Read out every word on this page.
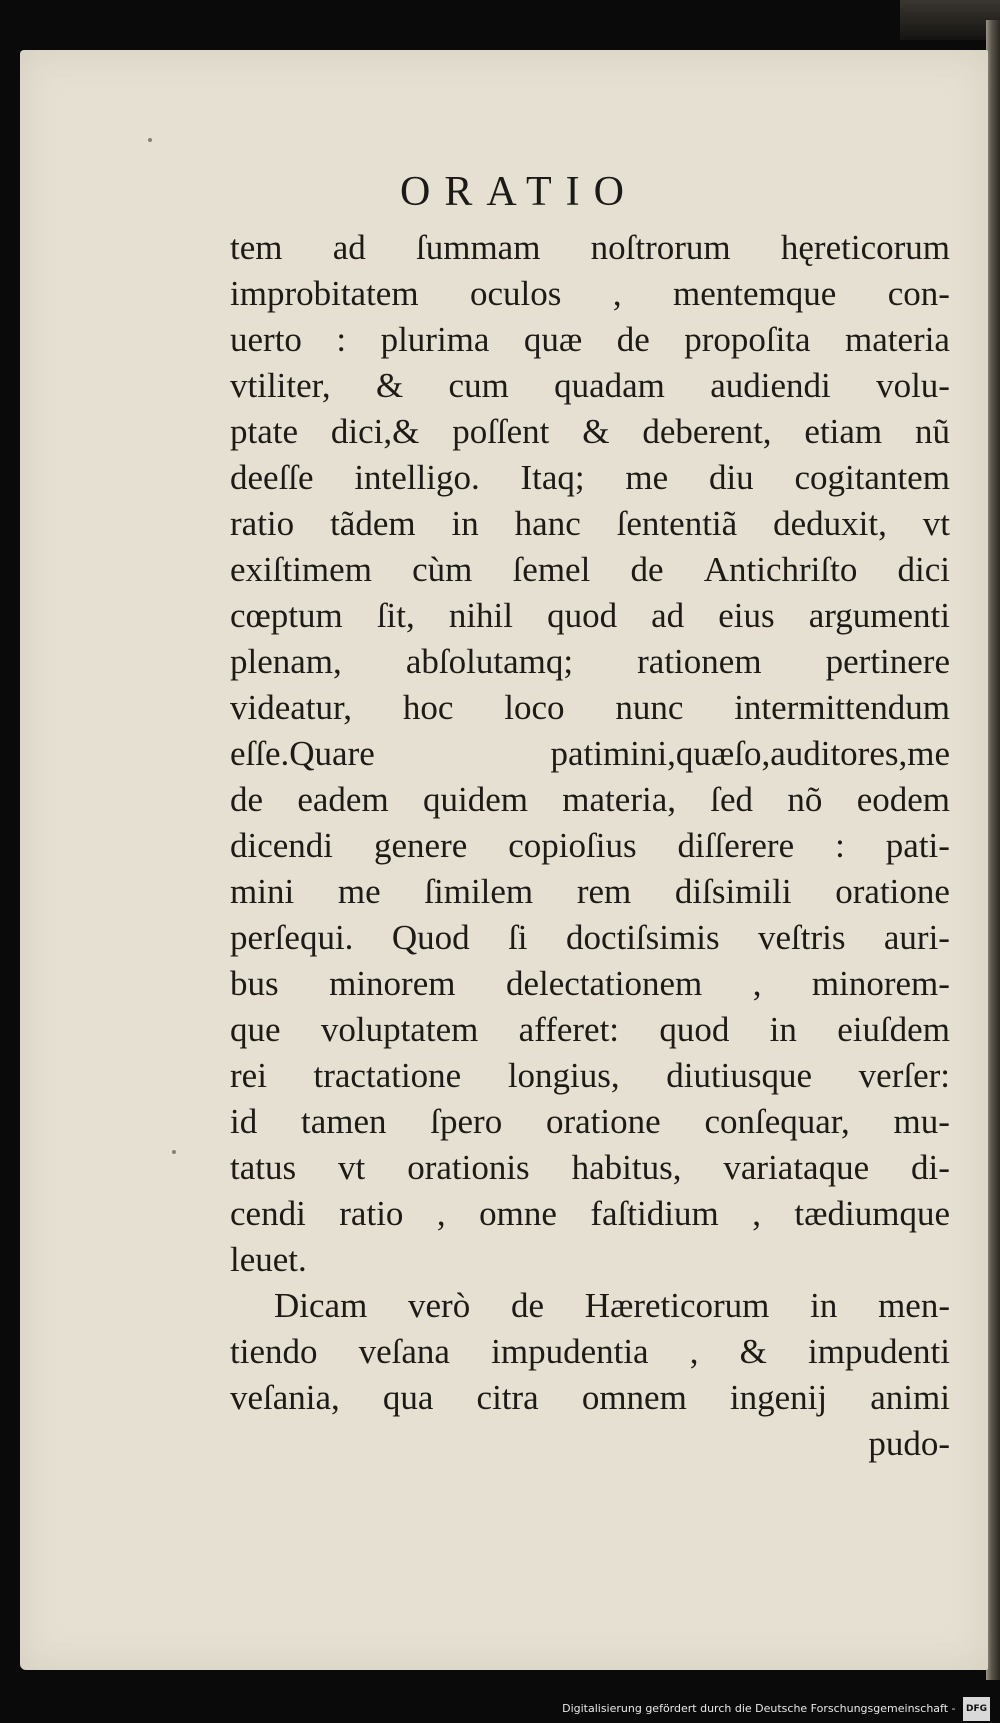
ORATIO
tem ad ſummam noſtrorum hęreticorum
improbitatem oculos , mentemque con-
uerto : plurima quæ de propoſita materia
vtiliter, & cum quadam audiendi volu-
ptate dici,& poſſent & deberent, etiam nũ
deeſſe intelligo. Itaq; me diu cogitantem
ratio tãdem in hanc ſententiã deduxit, vt
exiſtimem cùm ſemel de Antichriſto dici
cœptum ſit, nihil quod ad eius argumenti
plenam, abſolutamq; rationem pertinere
videatur, hoc loco nunc intermittendum
eſſe.Quare	patimini,quæſo,auditores,me
de eadem quidem materia, ſed nõ eodem
dicendi genere copioſius diſſerere : pati-
mini me ſimilem rem diſsimili oratione
perſequi. Quod ſi doctiſsimis veſtris auri-
bus minorem delectationem , minorem-
que voluptatem afferet: quod in eiuſdem
rei tractatione longius, diutiusque verſer:
id tamen ſpero oratione conſequar, mu-
tatus vt orationis habitus, variataque di-
cendi ratio , omne faſtidium , tædiumque
leuet.
Dicam verò de Hæreticorum in men-
tiendo veſana impudentia , & impudenti
veſania, qua citra omnem ingenij animi
pudo-
Digitalisierung gefördert durch die Deutsche Forschungsgemeinschaft - DFG
